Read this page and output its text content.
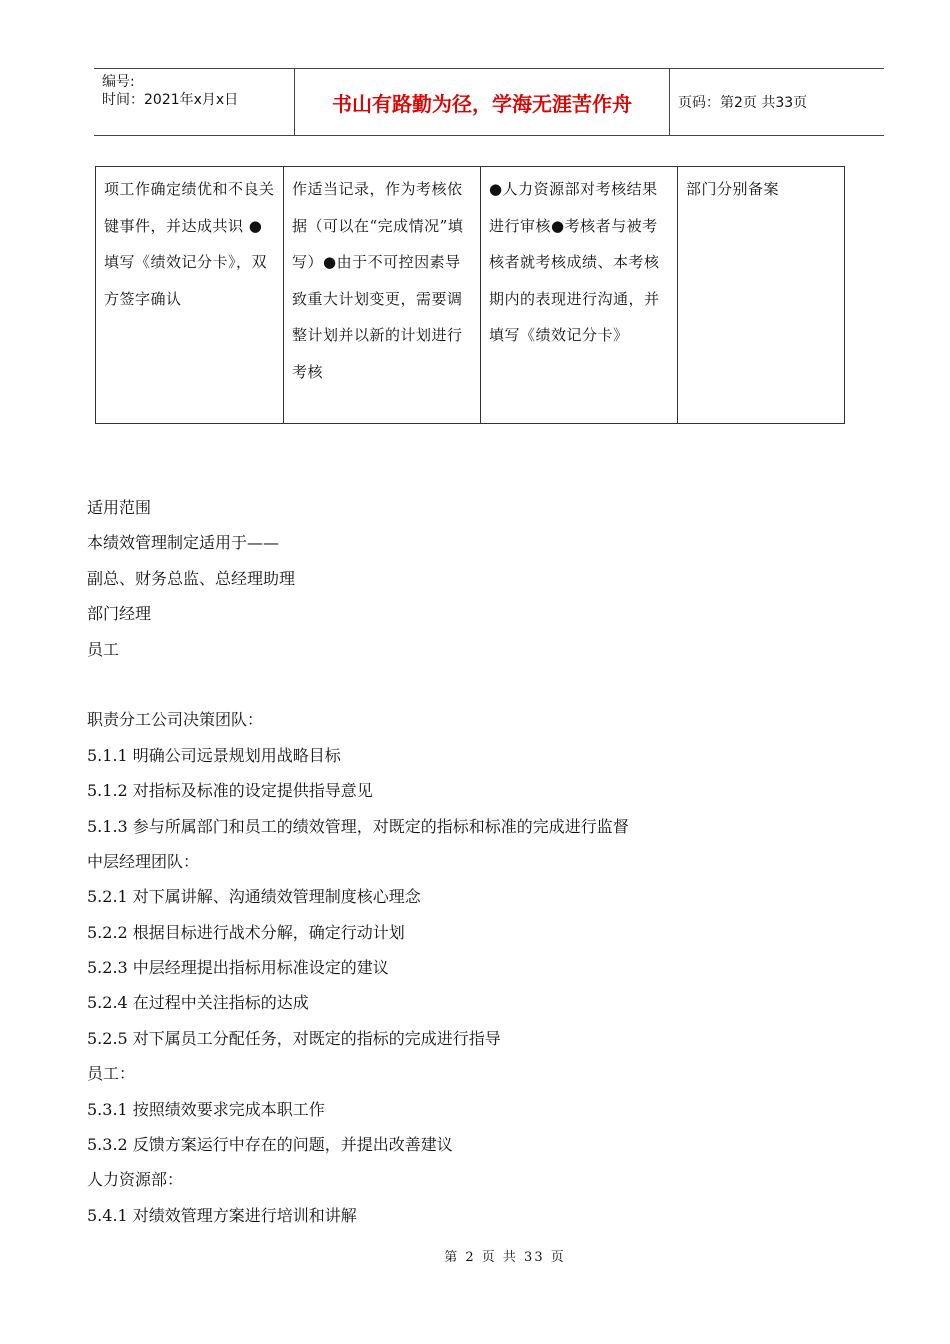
编号:
时间：2021年x月x日	书山有路勤为径，学海无涯苦作舟	页码：第2页 共33页
项工作确定绩优和不良关键事件，并达成共识 ● 填写《绩效记分卡》，双方签字确认	作适当记录，作为考核依据（可以在“完成情况”填写）●由于不可控因素导致重大计划变更，需要调整计划并以新的计划进行考核	●人力资源部对考核结果进行审核●考核者与被考核者就考核成绩、本考核期内的表现进行沟通，并填写《绩效记分卡》	部门分别备案
适用范围
本绩效管理制定适用于——
副总、财务总监、总经理助理
部门经理
员工
职责分工公司决策团队：
5.1.1 明确公司远景规划用战略目标
5.1.2 对指标及标准的设定提供指导意见
5.1.3 参与所属部门和员工的绩效管理，对既定的指标和标准的完成进行监督
中层经理团队：
5.2.1 对下属讲解、沟通绩效管理制度核心理念
5.2.2 根据目标进行战术分解，确定行动计划
5.2.3 中层经理提出指标用标准设定的建议
5.2.4 在过程中关注指标的达成
5.2.5 对下属员工分配任务，对既定的指标的完成进行指导
员工：
5.3.1 按照绩效要求完成本职工作
5.3.2 反馈方案运行中存在的问题，并提出改善建议
人力资源部：
5.4.1 对绩效管理方案进行培训和讲解
第 2 页 共 33 页
